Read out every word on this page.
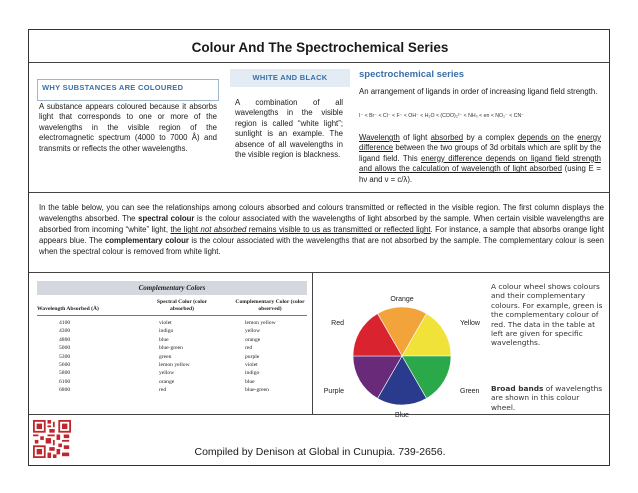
Colour And The Spectrochemical Series
WHY SUBSTANCES ARE COLOURED
A substance appears coloured because it absorbs light that corresponds to one or more of the wavelengths in the visible region of the electromagnetic spectrum (4000 to 7000 Å) and transmits or reflects the other wavelengths.
WHITE AND BLACK
A combination of all wavelengths in the visible region is called “white light”; sunlight is an example. The absence of all wavelengths in the visible region is blackness.
spectrochemical series
An arrangement of ligands in order of increasing ligand field strength.
I⁻ < Br⁻ < Cl⁻ < F⁻ < OH⁻ < H₂O < (COO)₂²⁻ < NH₃ < en < NO₂⁻ < CN⁻
Wavelength of light absorbed by a complex depends on the energy difference between the two groups of 3d orbitals which are split by the ligand field. This energy difference depends on ligand field strength and allows the calculation of wavelength of light absorbed (using E = hν and ν = c/λ).
In the table below, you can see the relationships among colours absorbed and colours transmitted or reflected in the visible region. The first column displays the wavelengths absorbed. The spectral colour is the colour associated with the wavelengths of light absorbed by the sample. When certain visible wavelengths are absorbed from incoming “white” light, the light not absorbed remains visible to us as transmitted or reflected light. For instance, a sample that absorbs orange light appears blue. The complementary colour is the colour associated with the wavelengths that are not absorbed by the sample. The complementary colour is seen when the spectral colour is removed from white light.
Complementary Colors
Wavelength Absorbed (Å)
Spectral Color (color absorbed)
Complementary Color (color observed)
4100	violet	lemon yellow
4300	indigo	yellow
4800	blue	orange
5000	blue-green	red
5300	green	purple
5600	lemon yellow	violet
5800	yellow	indigo
6100	orange	blue
6800	red	blue-green
Orange
Yellow
Green
Blue
Purple
Red
A colour wheel shows colours and their complementary colours. For example, green is the complementary colour of red. The data in the table at left are given for specific wavelengths.
Broad bands of wavelengths are shown in this colour wheel.
Compiled by Denison at Global in Cunupia. 739-2656.
